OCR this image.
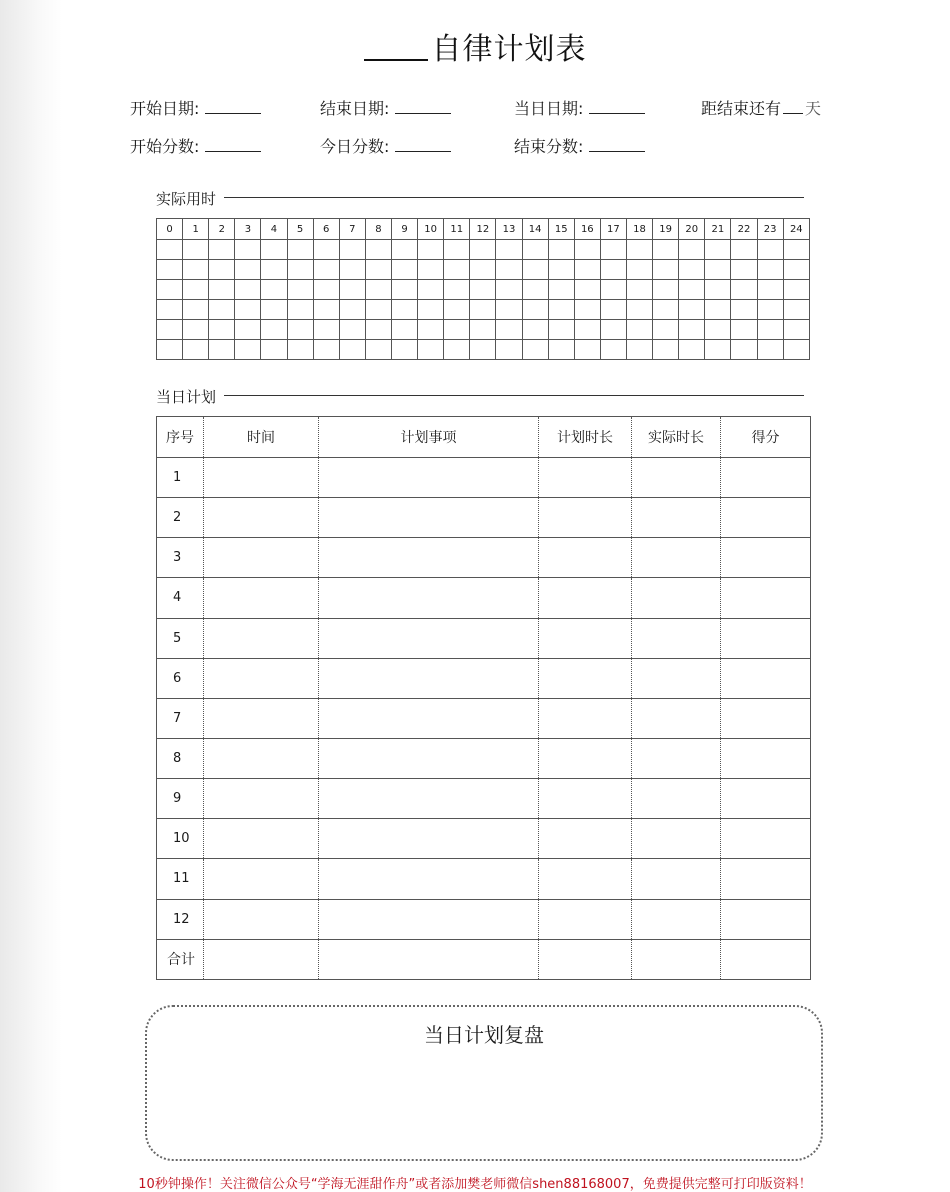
自律计划表
开始日期:	结束日期:	当日日期:	距结束还有 天
开始分数:	今日分数:	结束分数:
实际用时
0	1	2	3	4	5	6	7	8	9	10	11	12	13	14	15	16	17	18	19	20	21	22	23	24

当日计划
序号	时间	计划事项	计划时长	实际时长	得分
1					
2					
3					
4					
5					
6					
7					
8					
9					
10					
11					
12					
合计					
当日计划复盘
10秒钟操作！关注微信公众号“学海无涯甜作舟”或者添加樊老师微信shen88168007，免费提供完整可打印版资料！
